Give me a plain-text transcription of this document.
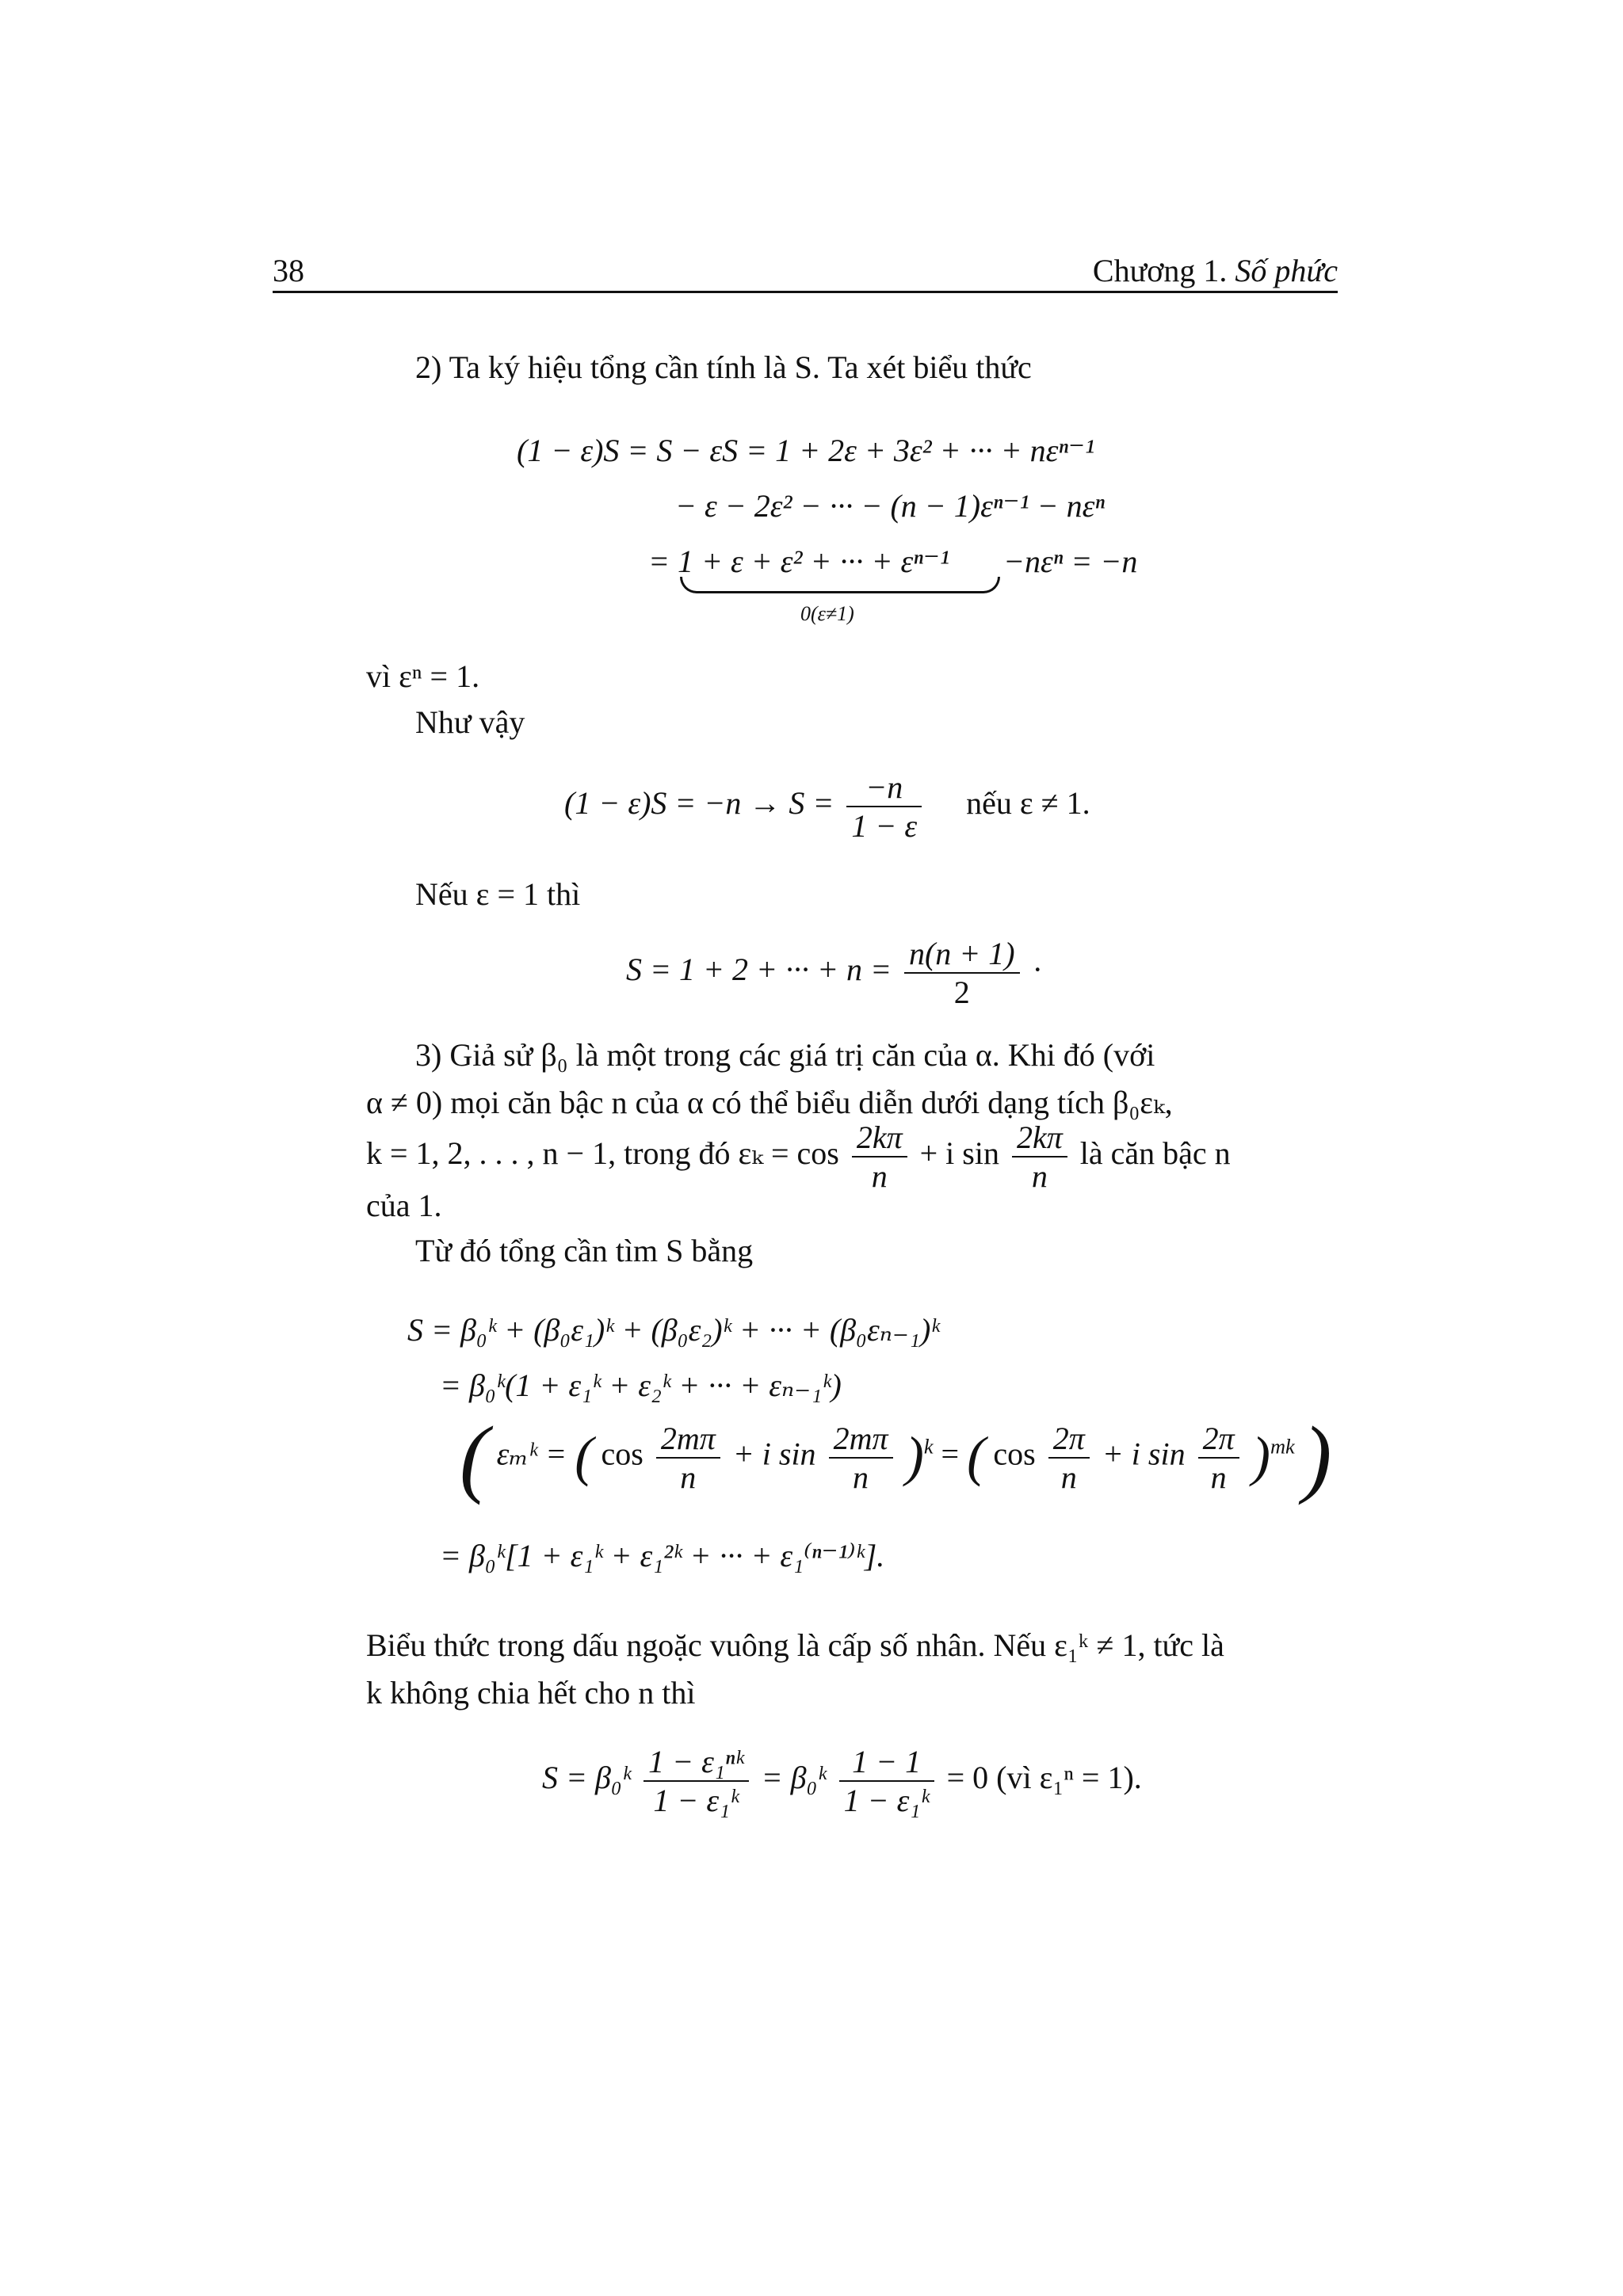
38	Chương 1. Số phức
2) Ta ký hiệu tổng cần tính là S. Ta xét biểu thức
(1 − ε)S = S − εS = 1 + 2ε + 3ε² + ··· + nεⁿ⁻¹
− ε − 2ε² − ··· − (n − 1)εⁿ⁻¹ − nεⁿ
= 1 + ε + ε² + ··· + εⁿ⁻¹ −nεⁿ = −n
0(ε≠1)
vì εⁿ = 1.
Như vậy
$(1 - \varepsilon)S = -n \to S = \frac{-n}{1 - \varepsilon}$ nếu ε ≠ 1.
Nếu ε = 1 thì
S = 1 + 2 + ··· + $n = \frac{n(n + 1)}{2}$ ·
3) Giả sử β₀ là một trong các giá trị căn của α. Khi đó (với
α ≠ 0) mọi căn bậc n của α có thể biểu diễn dưới dạng tích β₀εₖ,
k = 1, 2, . . . , n − 1, trong đó $\varepsilon_k = \cos \frac{2k\pi}{n} + i$ $\sin \frac{2k\pi}{n}$ là căn bậc n
của 1.
Từ đó tổng cần tìm S bằng
S = β₀ᵏ + (β₀ε₁)ᵏ + (β₀ε₂)ᵏ + ··· + (β₀εₙ₋₁)ᵏ
= β₀ᵏ(1 + ε₁ᵏ + ε₂ᵏ + ··· + εₙ₋₁ᵏ)
( εₘᵏ = ( $\cos \frac{2m\pi}{n} + i$ $\sin \frac{2m\pi}{n} )^k$ = ( $\cos \frac{2\pi}{n} + i$ $\sin \frac{2\pi}{n} )^{mk}$ )
= β₀ᵏ[1 + ε₁ᵏ + ε₁²ᵏ + ··· + ε₁⁽ⁿ⁻¹⁾ᵏ].
Biểu thức trong dấu ngoặc vuông là cấp số nhân. Nếu ε₁ᵏ ≠ 1, tức là
k không chia hết cho n thì
S = β₀ᵏ $\frac{\text{1 − ε₁ⁿᵏ}}{\text{1 − ε₁ᵏ}}$ = β₀ᵏ $\frac{1 - 1}{\text{1 − ε₁ᵏ}} = 0$ (vì ε₁ⁿ = 1).
